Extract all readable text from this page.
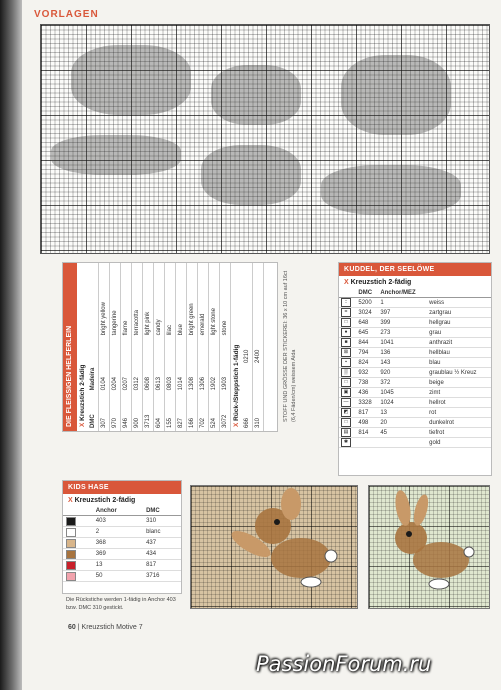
VORLAGEN
DIE FLEISSIGEN HELFERLEIN X Kreuzstich 2-fädig
DMC	Madeira	
307	0104	bright yellow
970	0204	tangerine
946	0207	flame
900	0312	terracotta
3713	0608	light pink
604	0613	candy
155	0803	lilac
827	1014	blue
166	1308	bright green
702	1306	emerald
524	1902	light stone
3072	1903	stone
X Rück-/Steppstich 1-fädig
666	0210	
310	2400		STOFF UND GRÖSSE DER STICKEREI: 36 x 10 cm auf 16ct (6,4 Fäden/cm) weissem Aida
KUDDEL, DER SEELÖWE
X Kreuzstich 2-fädig
	DMC	Anchor/MEZ	
::	5200	1	weiss
=	3024	397	zartgrau
□	648	399	hellgrau
●	645	273	grau
■	844	1041	anthrazit
⊠	794	136	hellblau
▪	824	143	blau
▒	932	920	graublau ½ Kreuz
□	738	372	beige
▣	436	1045	zimt
—	3328	1024	hellrot
◩	817	13	rot
□	498	20	dunkelrot
▤	814	45	tiefrot
✱			gold
KIDS HASE
X Kreuzstich 2-fädig
	Anchor	DMC
	403	310
	2	blanc
	368	437
	369	434
	13	817
	50	3716
Die Rückstiche werden 1-fädig in Anchor 403 bzw. DMC 310 gestickt.
60 | Kreuzstich Motive 7
PassionForum.ru
